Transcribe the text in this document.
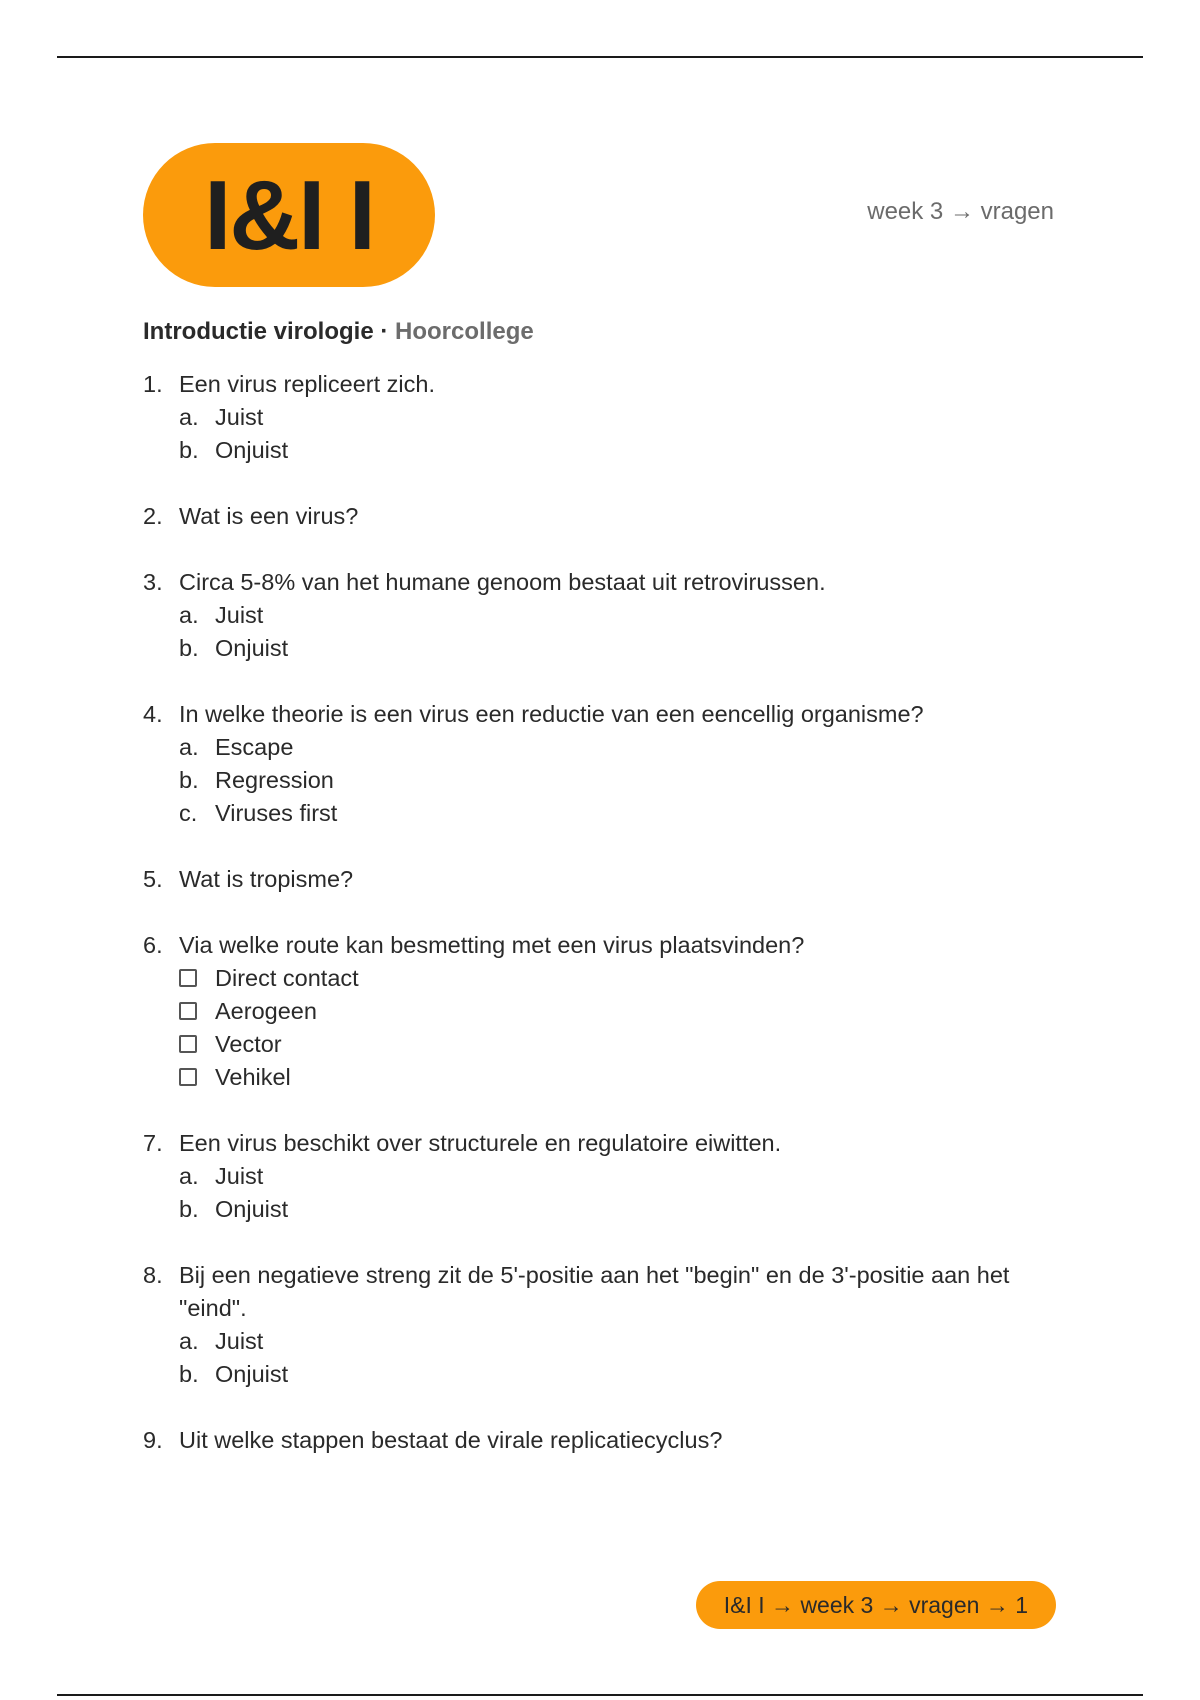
I&I I	week 3 → vragen
Introductie virologie · Hoorcollege
1. Een virus repliceert zich.
a. Juist
b. Onjuist
2. Wat is een virus?
3. Circa 5-8% van het humane genoom bestaat uit retrovirussen.
a. Juist
b. Onjuist
4. In welke theorie is een virus een reductie van een eencellig organisme?
a. Escape
b. Regression
c. Viruses first
5. Wat is tropisme?
6. Via welke route kan besmetting met een virus plaatsvinden?
Direct contact
Aerogeen
Vector
Vehikel
7. Een virus beschikt over structurele en regulatoire eiwitten.
a. Juist
b. Onjuist
8. Bij een negatieve streng zit de 5'-positie aan het "begin" en de 3'-positie aan het "eind".
a. Juist
b. Onjuist
9. Uit welke stappen bestaat de virale replicatiecyclus?
I&I I → week 3 → vragen → 1
